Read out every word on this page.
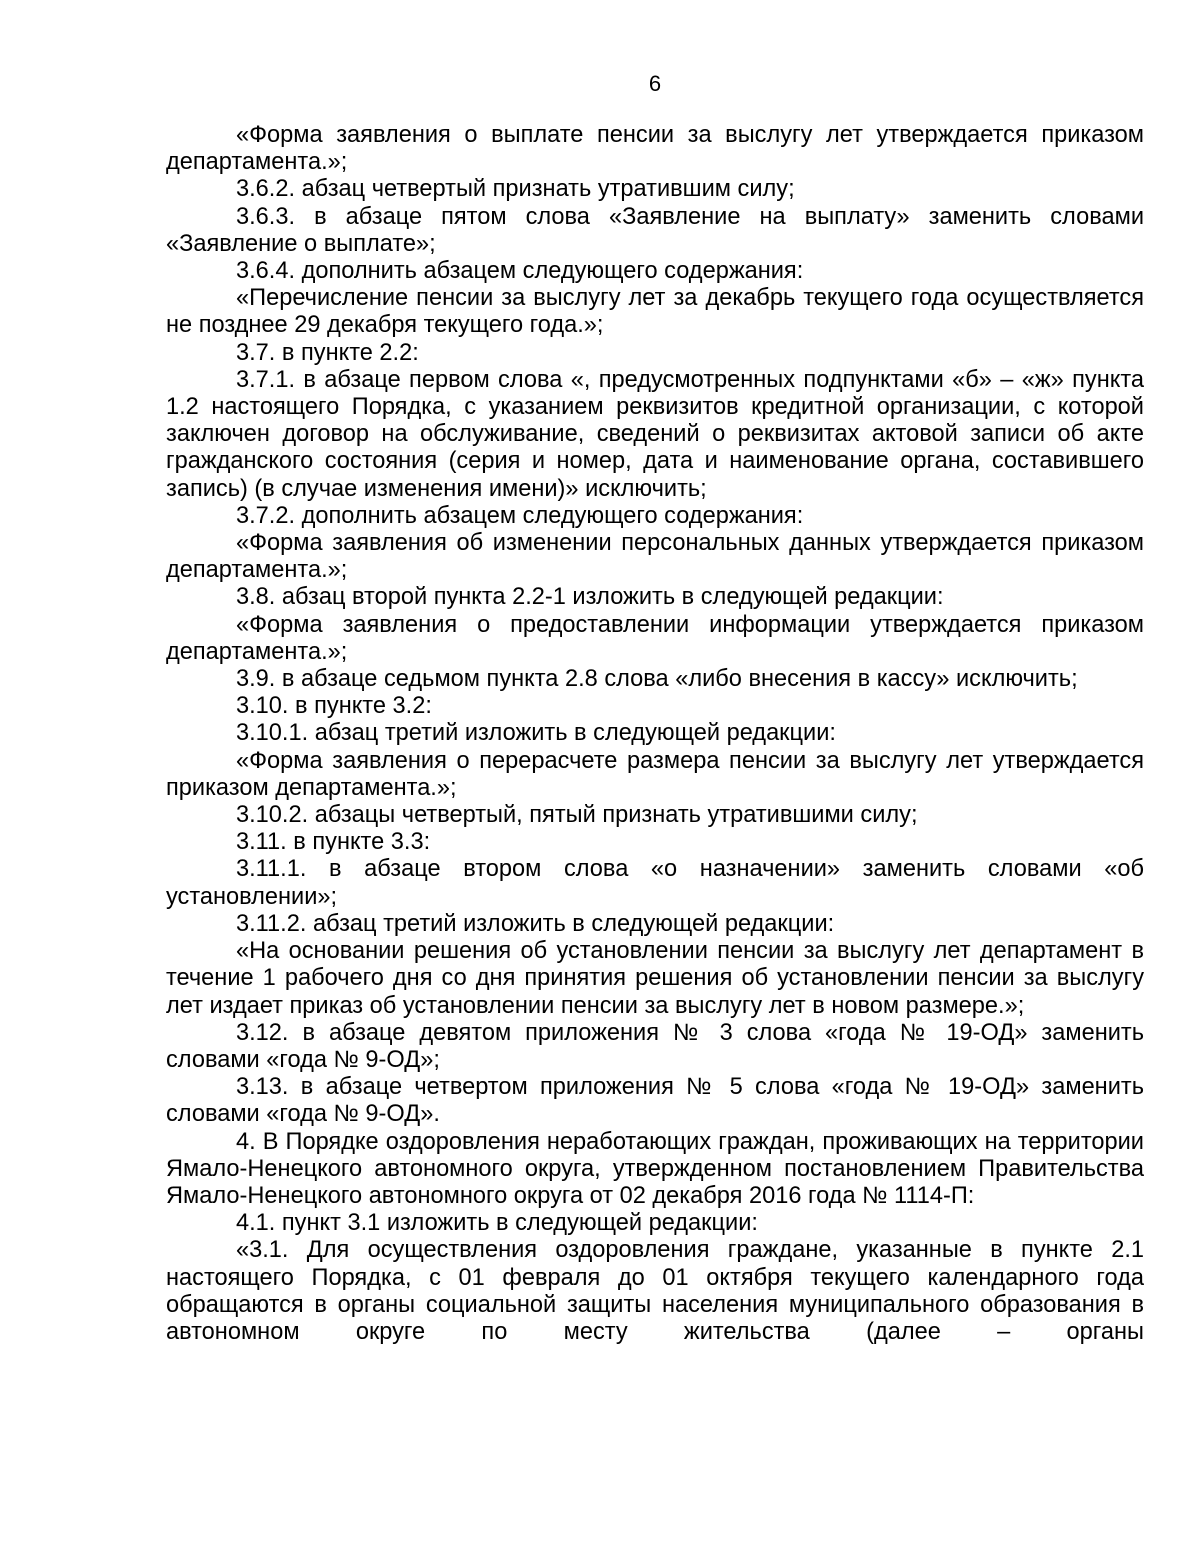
6

«Форма заявления о выплате пенсии за выслугу лет утверждается приказом департамента.»;

3.6.2. абзац четвертый признать утратившим силу;

3.6.3. в абзаце пятом слова «Заявление на выплату» заменить словами «Заявление о выплате»;

3.6.4. дополнить абзацем следующего содержания:

«Перечисление пенсии за выслугу лет за декабрь текущего года осуществляется не позднее 29 декабря текущего года.»;

3.7. в пункте 2.2:

3.7.1. в абзаце первом слова «, предусмотренных подпунктами «б» – «ж» пункта 1.2 настоящего Порядка, с указанием реквизитов кредитной организации, с которой заключен договор на обслуживание, сведений о реквизитах актовой записи об акте гражданского состояния (серия и номер, дата и наименование органа, составившего запись) (в случае изменения имени)» исключить;

3.7.2. дополнить абзацем следующего содержания:

«Форма заявления об изменении персональных данных утверждается приказом департамента.»;

3.8. абзац второй пункта 2.2-1 изложить в следующей редакции:

«Форма заявления о предоставлении информации утверждается приказом департамента.»;

3.9. в абзаце седьмом пункта 2.8 слова «либо внесения в кассу» исключить;

3.10. в пункте 3.2:

3.10.1. абзац третий изложить в следующей редакции:

«Форма заявления о перерасчете размера пенсии за выслугу лет утверждается приказом департамента.»;

3.10.2. абзацы четвертый, пятый признать утратившими силу;

3.11. в пункте 3.3:

3.11.1. в абзаце втором слова «о назначении» заменить словами «об установлении»;

3.11.2. абзац третий изложить в следующей редакции:

«На основании решения об установлении пенсии за выслугу лет департамент в течение 1 рабочего дня со дня принятия решения об установлении пенсии за выслугу лет издает приказ об установлении пенсии за выслугу лет в новом размере.»;

3.12. в абзаце девятом приложения № 3 слова «года № 19-ОД» заменить словами «года № 9-ОД»;

3.13. в абзаце четвертом приложения № 5 слова «года № 19-ОД» заменить словами «года № 9-ОД».

4. В Порядке оздоровления неработающих граждан, проживающих на территории Ямало-Ненецкого автономного округа, утвержденном постановлением Правительства Ямало-Ненецкого автономного округа от 02 декабря 2016 года № 1114-П:

4.1. пункт 3.1 изложить в следующей редакции:

«3.1. Для осуществления оздоровления граждане, указанные в пункте 2.1 настоящего Порядка, с 01 февраля до 01 октября текущего календарного года обращаются в органы социальной защиты населения муниципального образования в автономном округе по месту жительства (далее – органы
